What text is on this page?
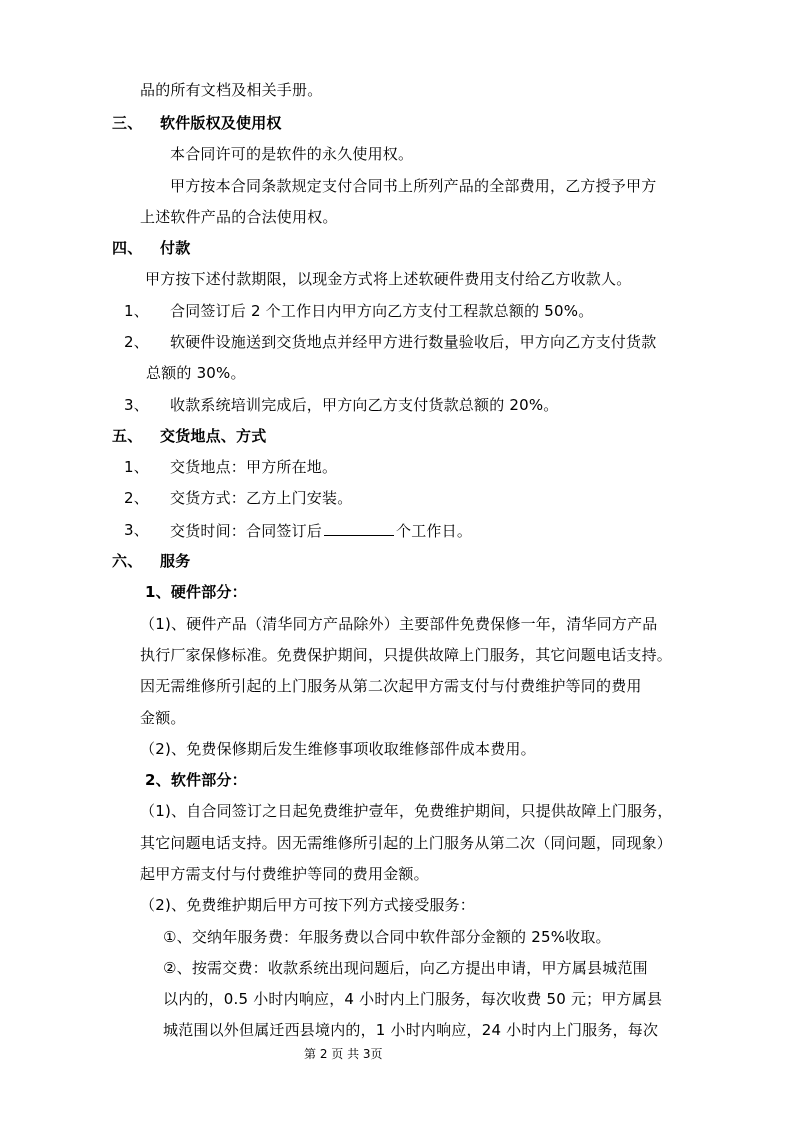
品的所有文档及相关手册。
三、 软件版权及使用权
本合同许可的是软件的永久使用权。
甲方按本合同条款规定支付合同书上所列产品的全部费用，乙方授予甲方
上述软件产品的合法使用权。
四、 付款
甲方按下述付款期限，以现金方式将上述软硬件费用支付给乙方收款人。
1、 合同签订后 2 个工作日内甲方向乙方支付工程款总额的 50%。
2、 软硬件设施送到交货地点并经甲方进行数量验收后，甲方向乙方支付货款
总额的 30%。
3、 收款系统培训完成后，甲方向乙方支付货款总额的 20%。
五、 交货地点、方式
1、 交货地点：甲方所在地。
2、 交货方式：乙方上门安装。
3、 交货时间：合同签订后	个工作日。
六、 服务
1、硬件部分：
（1)、硬件产品（清华同方产品除外）主要部件免费保修一年，清华同方产品
执行厂家保修标准。免费保护期间，只提供故障上门服务，其它问题电话支持。
因无需维修所引起的上门服务从第二次起甲方需支付与付费维护等同的费用
金额。
（2)、免费保修期后发生维修事项收取维修部件成本费用。
2、软件部分：
（1)、自合同签订之日起免费维护壹年，免费维护期间，只提供故障上门服务，
其它问题电话支持。因无需维修所引起的上门服务从第二次（同问题，同现象）
起甲方需支付与付费维护等同的费用金额。
（2)、免费维护期后甲方可按下列方式接受服务：
①、交纳年服务费：年服务费以合同中软件部分金额的 25%收取。
②、按需交费：收款系统出现问题后，向乙方提出申请，甲方属县城范围
以内的，0.5 小时内响应，4 小时内上门服务，每次收费 50 元；甲方属县
城范围以外但属迁西县境内的，1 小时内响应，24 小时内上门服务，每次
第 2 页 共 3页
